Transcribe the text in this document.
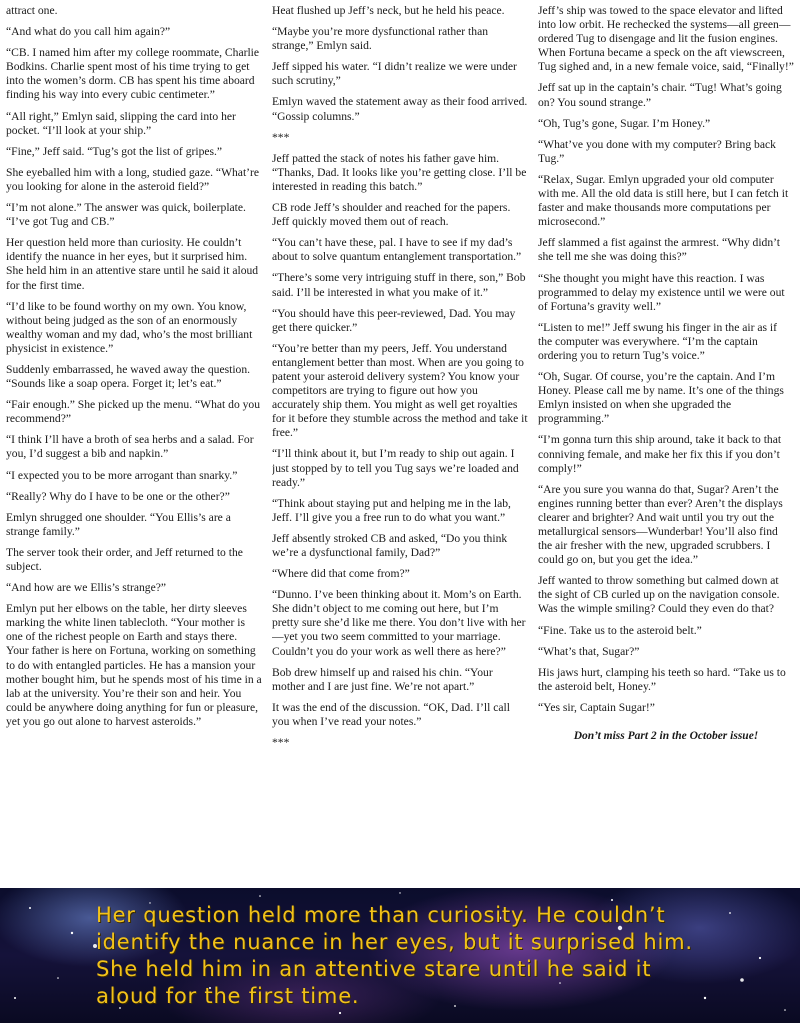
attract one.

“And what do you call him again?”

“CB. I named him after my college roommate, Charlie Bodkins. Charlie spent most of his time trying to get into the women’s dorm. CB has spent his time aboard finding his way into every cubic centimeter.”

“All right,” Emlyn said, slipping the card into her pocket. “I’ll look at your ship.”

“Fine,” Jeff said. “Tug’s got the list of gripes.”

She eyeballed him with a long, studied gaze. “What’re you looking for alone in the asteroid field?”

“I’m not alone.” The answer was quick, boilerplate. “I’ve got Tug and CB.”

Her question held more than curiosity. He couldn’t identify the nuance in her eyes, but it surprised him. She held him in an attentive stare until he said it aloud for the first time.

“I’d like to be found worthy on my own. You know, without being judged as the son of an enormously wealthy woman and my dad, who’s the most brilliant physicist in existence.”

Suddenly embarrassed, he waved away the question. “Sounds like a soap opera. Forget it; let’s eat.”

“Fair enough.” She picked up the menu. “What do you recommend?”

“I think I’ll have a broth of sea herbs and a salad. For you, I’d suggest a bib and napkin.”

“I expected you to be more arrogant than snarky.”

“Really? Why do I have to be one or the other?”

Emlyn shrugged one shoulder. “You Ellis’s are a strange family.”

The server took their order, and Jeff returned to the subject.

“And how are we Ellis’s strange?”

Emlyn put her elbows on the table, her dirty sleeves marking the white linen tablecloth. “Your mother is one of the richest people on Earth and stays there. Your father is here on Fortuna, working on something to do with entangled particles. He has a mansion your mother bought him, but he spends most of his time in a lab at the university. You’re their son and heir. You could be anywhere doing anything for fun or pleasure, yet you go out alone to harvest asteroids.”

Heat flushed up Jeff’s neck, but he held his peace.

“Maybe you’re more dysfunctional rather than strange,” Emlyn said.

Jeff sipped his water. “I didn’t realize we were under such scrutiny,”

Emlyn waved the statement away as their food arrived. “Gossip columns.”

***

Jeff patted the stack of notes his father gave him. “Thanks, Dad. It looks like you’re getting close. I’ll be interested in reading this batch.”

CB rode Jeff’s shoulder and reached for the papers. Jeff quickly moved them out of reach.

“You can’t have these, pal. I have to see if my dad’s about to solve quantum entanglement transportation.”

“There’s some very intriguing stuff in there, son,” Bob said. I’ll be interested in what you make of it.”

“You should have this peer-reviewed, Dad. You may get there quicker.”

“You’re better than my peers, Jeff. You understand entanglement better than most. When are you going to patent your asteroid delivery system? You know your competitors are trying to figure out how you accurately ship them. You might as well get royalties for it before they stumble across the method and take it free.”

“I’ll think about it, but I’m ready to ship out again. I just stopped by to tell you Tug says we’re loaded and ready.”

“Think about staying put and helping me in the lab, Jeff. I’ll give you a free run to do what you want.”

Jeff absently stroked CB and asked, “Do you think we’re a dysfunctional family, Dad?”

“Where did that come from?”

“Dunno. I’ve been thinking about it. Mom’s on Earth. She didn’t object to me coming out here, but I’m pretty sure she’d like me there. You don’t live with her—yet you two seem committed to your marriage. Couldn’t you do your work as well there as here?”

Bob drew himself up and raised his chin. “Your mother and I are just fine. We’re not apart.”

It was the end of the discussion. “OK, Dad. I’ll call you when I’ve read your notes.”

***

Jeff’s ship was towed to the space elevator and lifted into low orbit. He rechecked the systems—all green—ordered Tug to disengage and lit the fusion engines. When Fortuna became a speck on the aft viewscreen, Tug sighed and, in a new female voice, said, “Finally!”

Jeff sat up in the captain’s chair. “Tug! What’s going on? You sound strange.”

“Oh, Tug’s gone, Sugar. I’m Honey.”

“What’ve you done with my computer? Bring back Tug.”

“Relax, Sugar. Emlyn upgraded your old computer with me. All the old data is still here, but I can fetch it faster and make thousands more computations per microsecond.”

Jeff slammed a fist against the armrest. “Why didn’t she tell me she was doing this?”

“She thought you might have this reaction. I was programmed to delay my existence until we were out of Fortuna’s gravity well.”

“Listen to me!” Jeff swung his finger in the air as if the computer was everywhere. “I’m the captain ordering you to return Tug’s voice.”

“Oh, Sugar. Of course, you’re the captain. And I’m Honey. Please call me by name. It’s one of the things Emlyn insisted on when she upgraded the programming.”

“I’m gonna turn this ship around, take it back to that conniving female, and make her fix this if you don’t comply!”

“Are you sure you wanna do that, Sugar? Aren’t the engines running better than ever? Aren’t the displays clearer and brighter? And wait until you try out the metallurgical sensors—Wunderbar! You’ll also find the air fresher with the new, upgraded scrubbers. I could go on, but you get the idea.”

Jeff wanted to throw something but calmed down at the sight of CB curled up on the navigation console. Was the wimple smiling? Could they even do that?

“Fine. Take us to the asteroid belt.”

“What’s that, Sugar?”

His jaws hurt, clamping his teeth so hard. “Take us to the asteroid belt, Honey.”

“Yes sir, Captain Sugar!”

Don’t miss Part 2 in the October issue!

Her question held more than curiosity. He couldn’t identify the nuance in her eyes, but it surprised him. She held him in an attentive stare until he said it aloud for the first time.
